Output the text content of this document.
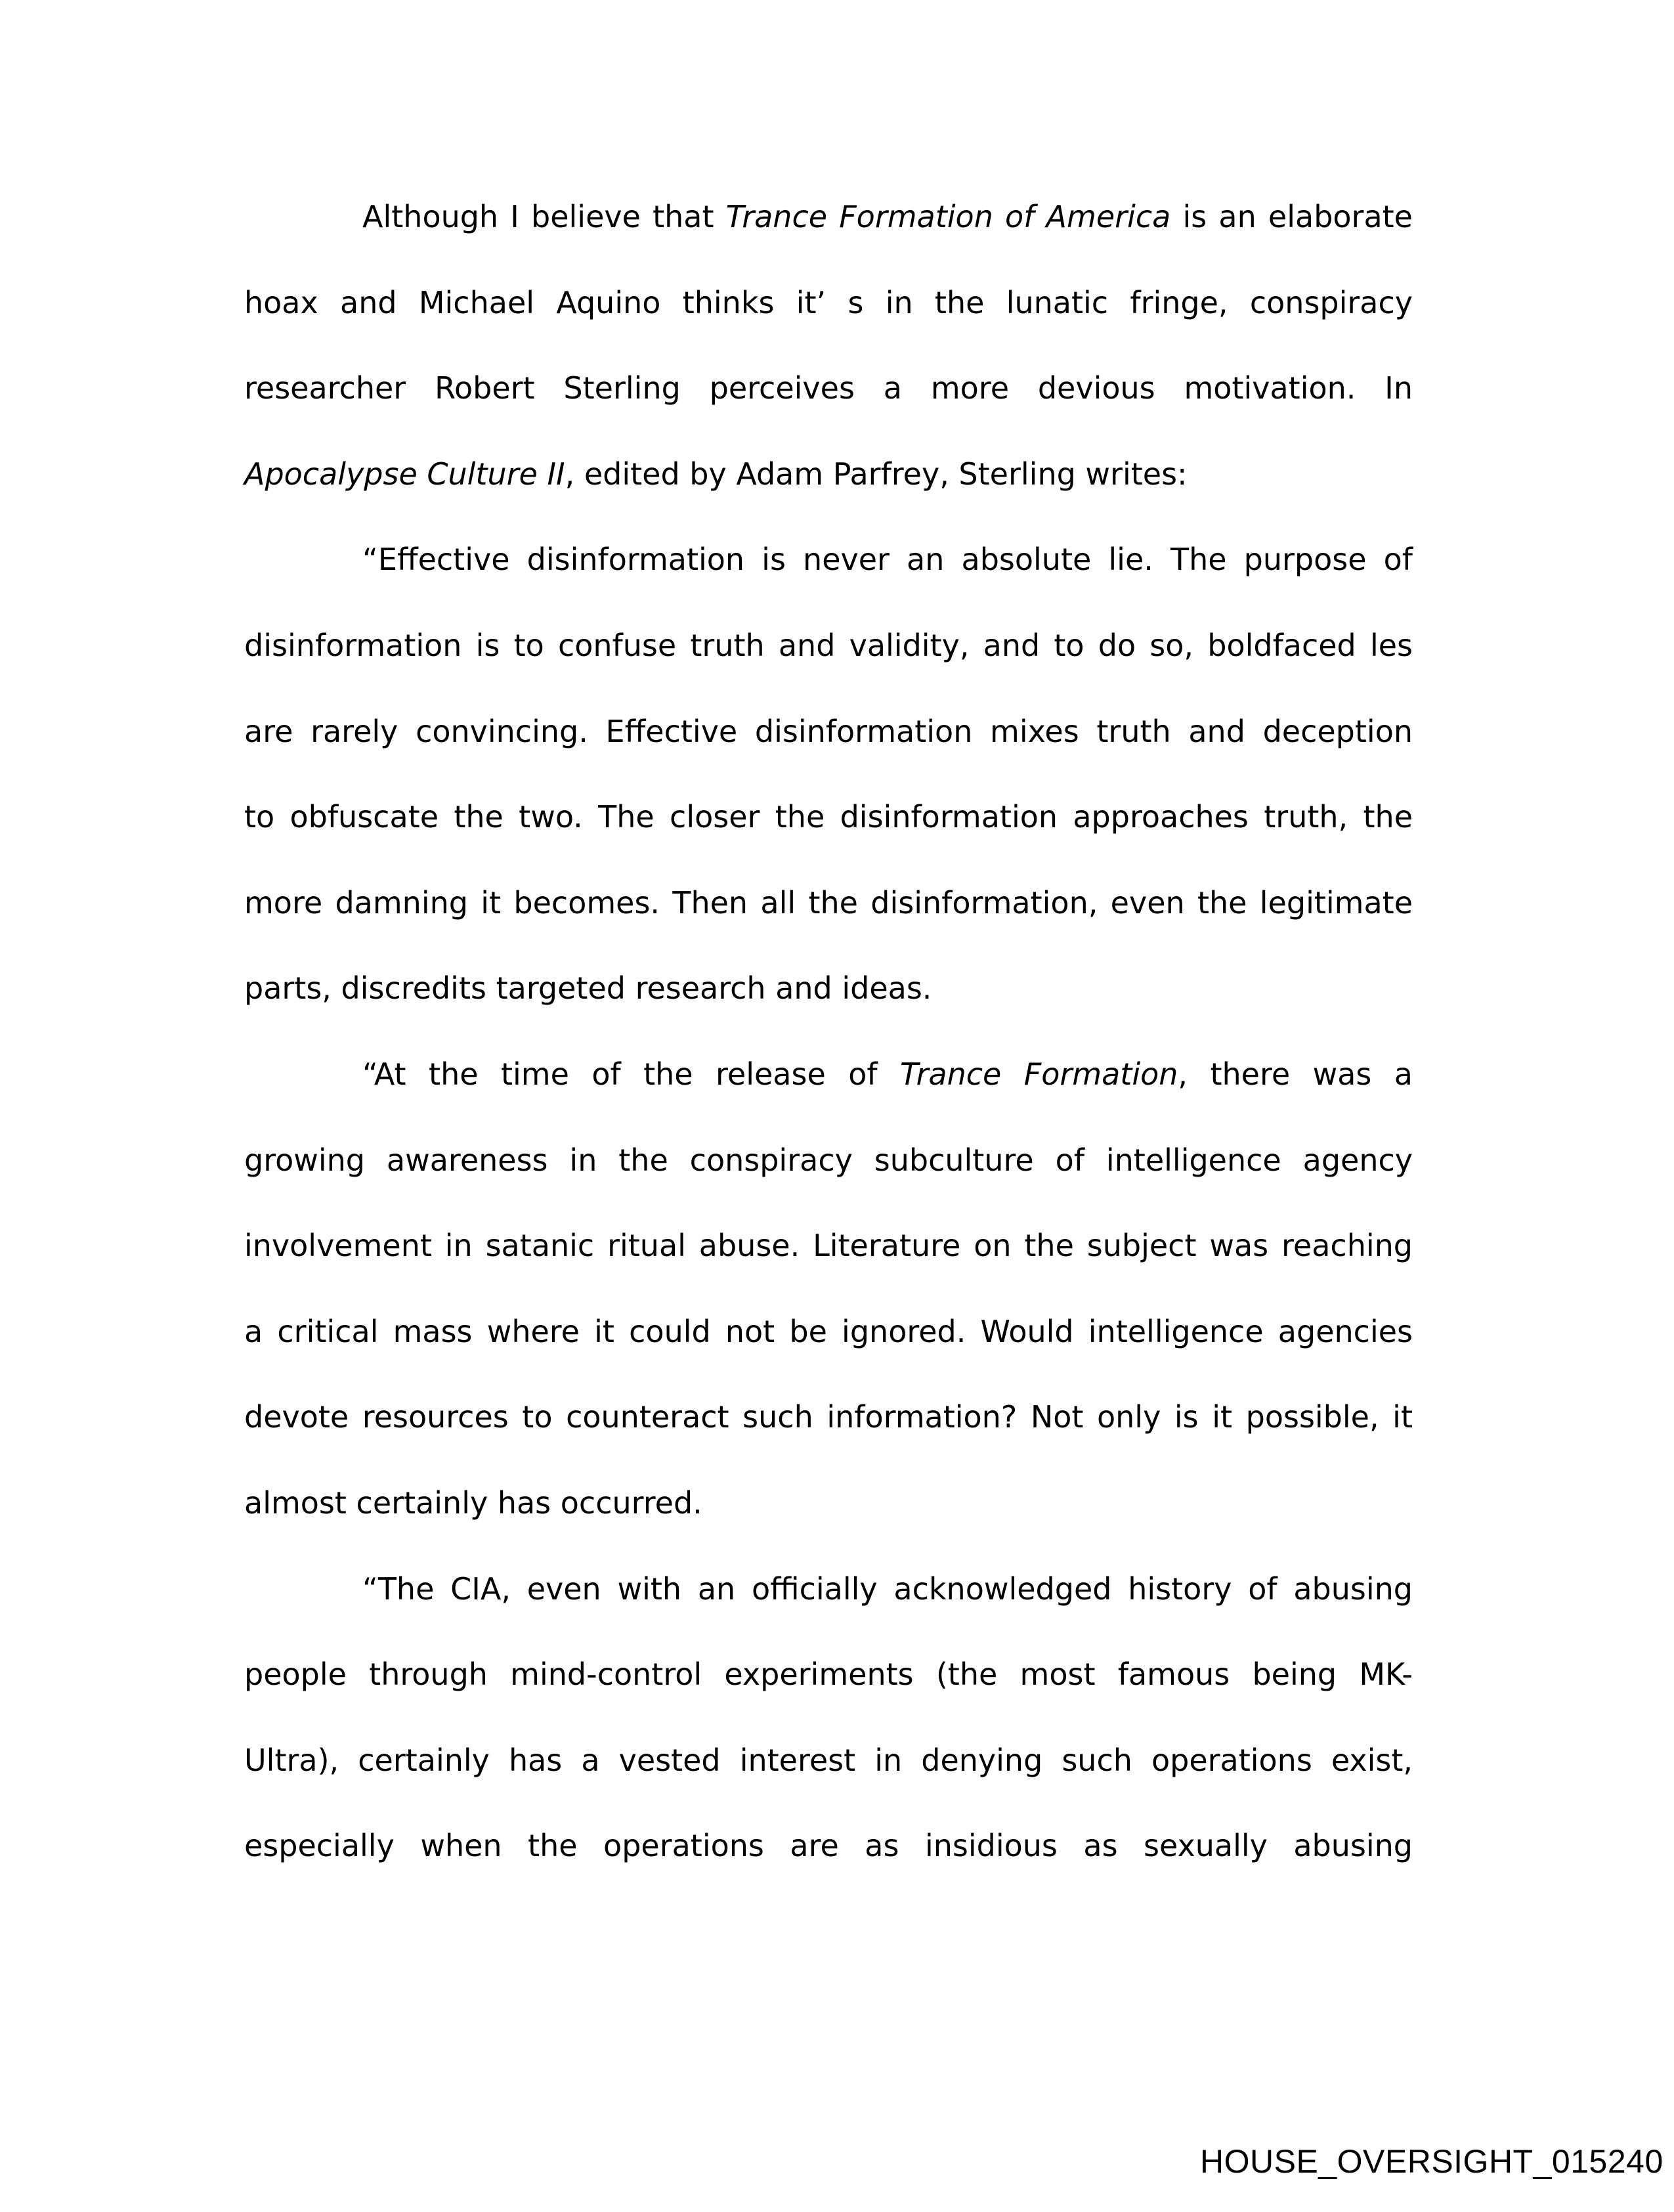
Although I believe that Trance Formation of America is an elaborate
hoax and Michael Aquino thinks it’ s in the lunatic fringe, conspiracy
researcher Robert Sterling perceives a more devious motivation. In
Apocalypse Culture II, edited by Adam Parfrey, Sterling writes:
“Effective disinformation is never an absolute lie. The purpose of
disinformation is to confuse truth and validity, and to do so, boldfaced les
are rarely convincing. Effective disinformation mixes truth and deception
to obfuscate the two. The closer the disinformation approaches truth, the
more damning it becomes. Then all the disinformation, even the legitimate
parts, discredits targeted research and ideas.
“At the time of the release of Trance Formation, there was a
growing awareness in the conspiracy subculture of intelligence agency
involvement in satanic ritual abuse. Literature on the subject was reaching
a critical mass where it could not be ignored. Would intelligence agencies
devote resources to counteract such information? Not only is it possible, it
almost certainly has occurred.
“The CIA, even with an officially acknowledged history of abusing
people through mind-control experiments (the most famous being MK-
Ultra), certainly has a vested interest in denying such operations exist,
especially when the operations are as insidious as sexually abusing
HOUSE_OVERSIGHT_015240
